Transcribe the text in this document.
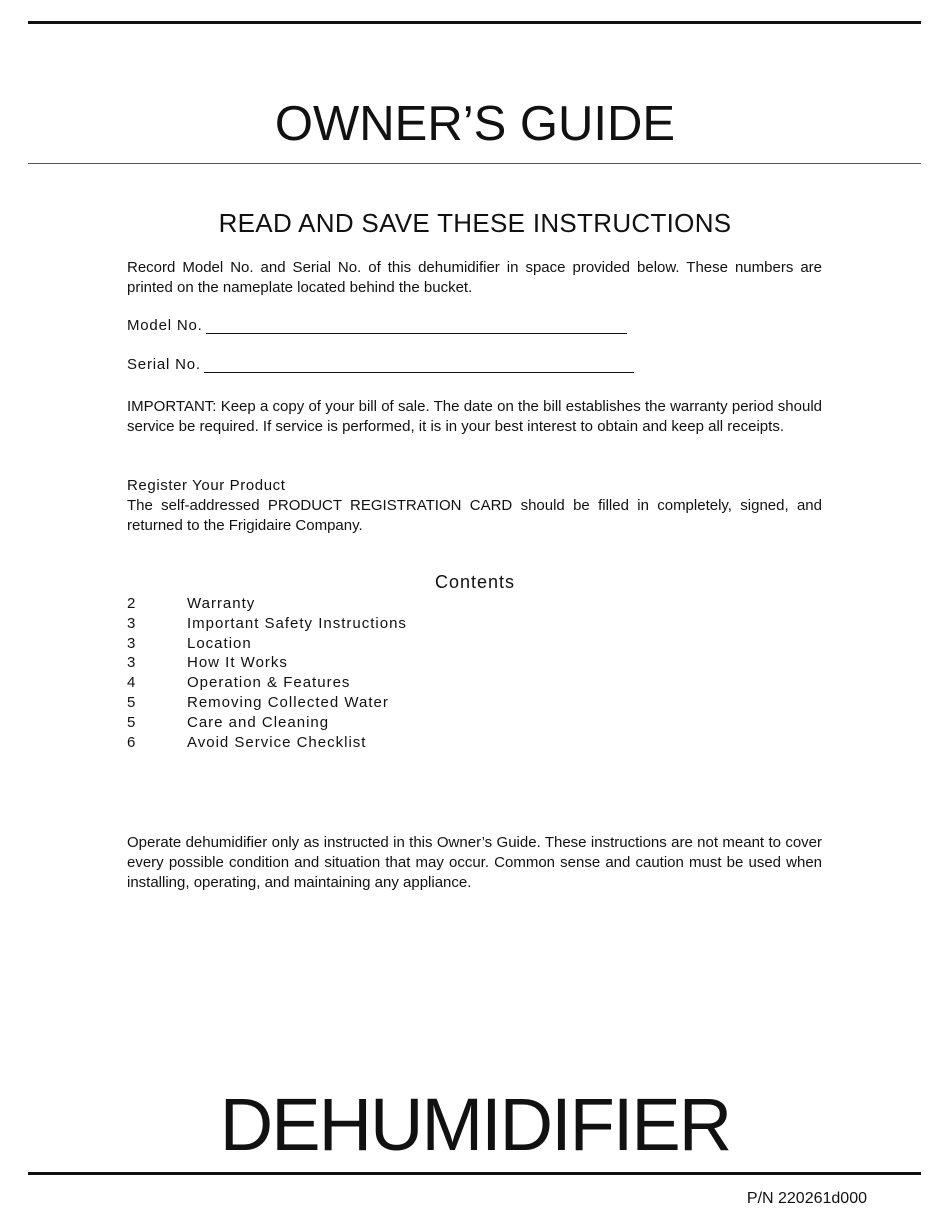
OWNER’S GUIDE
READ AND SAVE THESE INSTRUCTIONS

Record Model No. and Serial No. of this dehumidifier in space provided below. These numbers are printed on the nameplate located behind the bucket.

Model No.
Serial No.

IMPORTANT: Keep a copy of your bill of sale. The date on the bill establishes the warranty period should service be required. If service is performed, it is in your best interest to obtain and keep all receipts.

Register Your Product

The self-addressed PRODUCT REGISTRATION CARD should be filled in completely, signed, and returned to the Frigidaire Company.

Contents
2	Warranty
3	Important Safety Instructions
3	Location
3	How It Works
4	Operation & Features
5	Removing Collected Water
5	Care and Cleaning
6	Avoid Service Checklist

Operate dehumidifier only as instructed in this Owner’s Guide. These instructions are not meant to cover every possible condition and situation that may occur. Common sense and caution must be used when installing, operating, and maintaining any appliance.

DEHUMIDIFIER
P/N 220261d000
